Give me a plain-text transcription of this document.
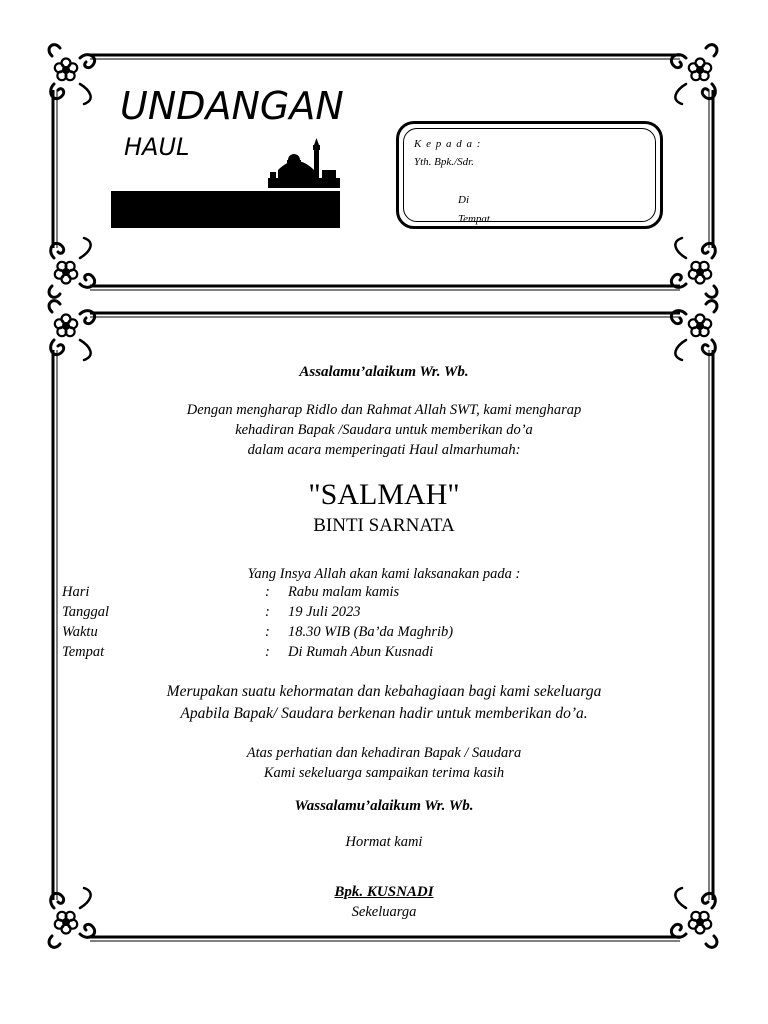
UNDANGAN
HAUL	K e p a d a :
Yth. Bpk./Sdr.
Di
Tempat.
Assalamu’alaikum Wr. Wb.
Dengan mengharap Ridlo dan Rahmat Allah SWT, kami mengharap
kehadiran Bapak /Saudara untuk memberikan do’a
dalam acara memperingati Haul almarhumah:
"SALMAH"
BINTI SARNATA
Yang Insya Allah akan kami laksanakan pada :
Hari	: Rabu malam kamis
Tanggal	: 19 Juli 2023
Waktu	: 18.30 WIB (Ba’da Maghrib)
Tempat	: Di Rumah Abun Kusnadi
Merupakan suatu kehormatan dan kebahagiaan bagi kami sekeluarga
Apabila Bapak/ Saudara berkenan hadir untuk memberikan do’a.
Atas perhatian dan kehadiran Bapak / Saudara
Kami sekeluarga sampaikan terima kasih
Wassalamu’alaikum Wr. Wb.
Hormat kami
Bpk. KUSNADI
Sekeluarga
